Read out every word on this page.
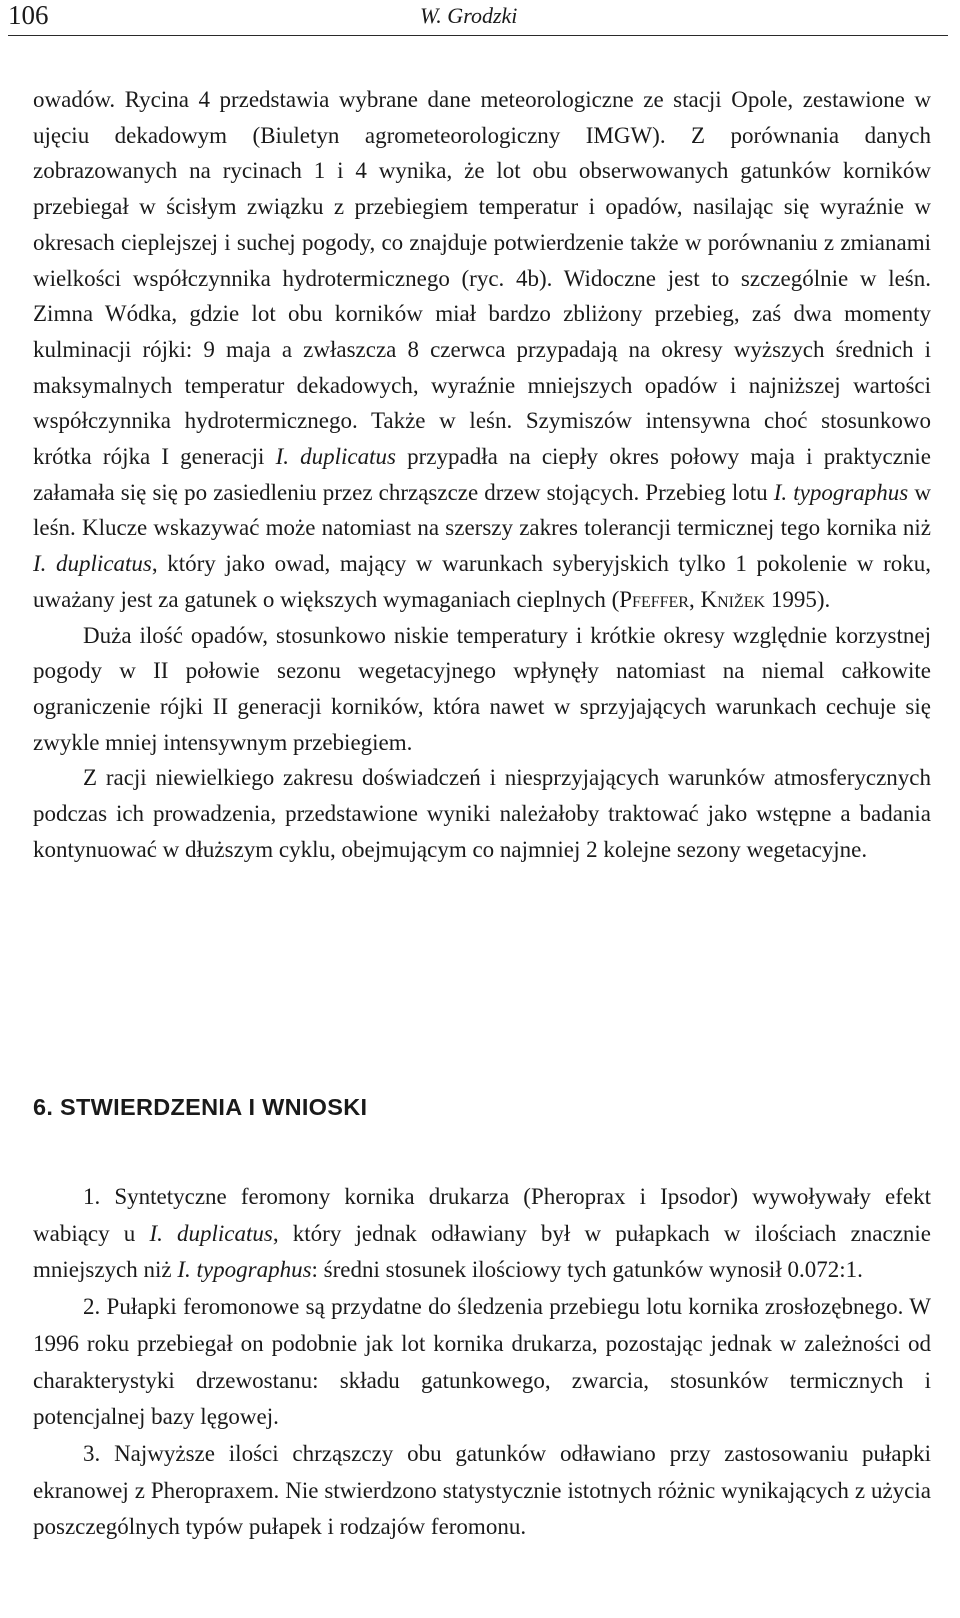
106	W. Grodzki

owadów. Rycina 4 przedstawia wybrane dane meteorologiczne ze stacji Opole, zestawione w ujęciu dekadowym (Biuletyn agrometeorologiczny IMGW). Z porównania danych zobrazowanych na rycinach 1 i 4 wynika, że lot obu obserwowanych gatunków korników przebiegał w ścisłym związku z przebiegiem temperatur i opadów, nasilając się wyraźnie w okresach cieplejszej i suchej pogody, co znajduje potwierdzenie także w porównaniu z zmianami wielkości współczynnika hydrotermicznego (ryc. 4b). Widoczne jest to szczególnie w leśn. Zimna Wódka, gdzie lot obu korników miał bardzo zbliżony przebieg, zaś dwa momenty kulminacji rójki: 9 maja a zwłaszcza 8 czerwca przypadają na okresy wyższych średnich i maksymalnych temperatur dekadowych, wyraźnie mniejszych opadów i najniższej wartości współczynnika hydrotermicznego. Także w leśn. Szymiszów intensywna choć stosunkowo krótka rójka I generacji I. duplicatus przypadła na ciepły okres połowy maja i praktycznie załamała się się po zasiedleniu przez chrząszcze drzew stojących. Przebieg lotu I. typographus w leśn. Klucze wskazywać może natomiast na szerszy zakres tolerancji termicznej tego kornika niż I. duplicatus, który jako owad, mający w warunkach syberyjskich tylko 1 pokolenie w roku, uważany jest za gatunek o większych wymaganiach cieplnych (Pfeffer, Knižek 1995).

Duża ilość opadów, stosunkowo niskie temperatury i krótkie okresy względnie korzystnej pogody w II połowie sezonu wegetacyjnego wpłynęły natomiast na niemal całkowite ograniczenie rójki II generacji korników, która nawet w sprzyjających warunkach cechuje się zwykle mniej intensywnym przebiegiem.

Z racji niewielkiego zakresu doświadczeń i niesprzyjających warunków atmosferycznych podczas ich prowadzenia, przedstawione wyniki należałoby traktować jako wstępne a badania kontynuować w dłuższym cyklu, obejmującym co najmniej 2 kolejne sezony wegetacyjne.

6. STWIERDZENIA I WNIOSKI

1. Syntetyczne feromony kornika drukarza (Pheroprax i Ipsodor) wywoływały efekt wabiący u I. duplicatus, który jednak odławiany był w pułapkach w ilościach znacznie mniejszych niż I. typographus: średni stosunek ilościowy tych gatunków wynosił 0.072:1.

2. Pułapki feromonowe są przydatne do śledzenia przebiegu lotu kornika zrosłozębnego. W 1996 roku przebiegał on podobnie jak lot kornika drukarza, pozostając jednak w zależności od charakterystyki drzewostanu: składu gatunkowego, zwarcia, stosunków termicznych i potencjalnej bazy lęgowej.

3. Najwyższe ilości chrząszczy obu gatunków odławiano przy zastosowaniu pułapki ekranowej z Pheropraxem. Nie stwierdzono statystycznie istotnych różnic wynikających z użycia poszczególnych typów pułapek i rodzajów feromonu.
